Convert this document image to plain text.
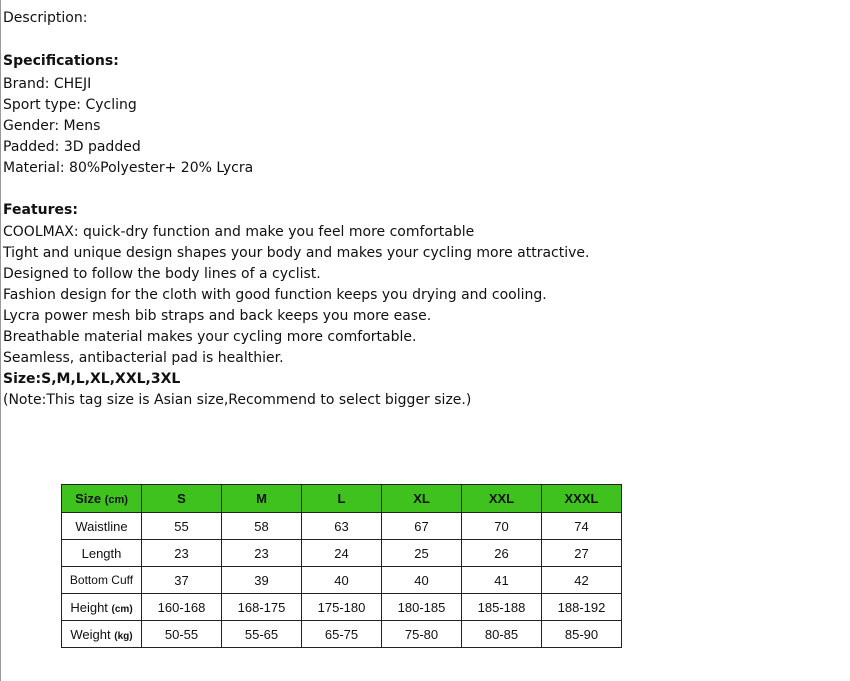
Description:
Specifications:
Brand: CHEJI
Sport type: Cycling
Gender: Mens
Padded: 3D padded
Material: 80%Polyester+ 20% Lycra
Features:
COOLMAX: quick-dry function and make you feel more comfortable
Tight and unique design shapes your body and makes your cycling more attractive.
Designed to follow the body lines of a cyclist.
Fashion design for the cloth with good function keeps you drying and cooling.
Lycra power mesh bib straps and back keeps you more ease.
Breathable material makes your cycling more comfortable.
Seamless, antibacterial pad is healthier.
Size:S,M,L,XL,XXL,3XL
(Note:This tag size is Asian size,Recommend to select bigger size.)
Size (cm)	S	M	L	XL	XXL	XXXL
Waistline	55	58	63	67	70	74
Length	23	23	24	25	26	27
Bottom Cuff	37	39	40	40	41	42
Height (cm)	160-168	168-175	175-180	180-185	185-188	188-192
Weight (kg)	50-55	55-65	65-75	75-80	80-85	85-90
